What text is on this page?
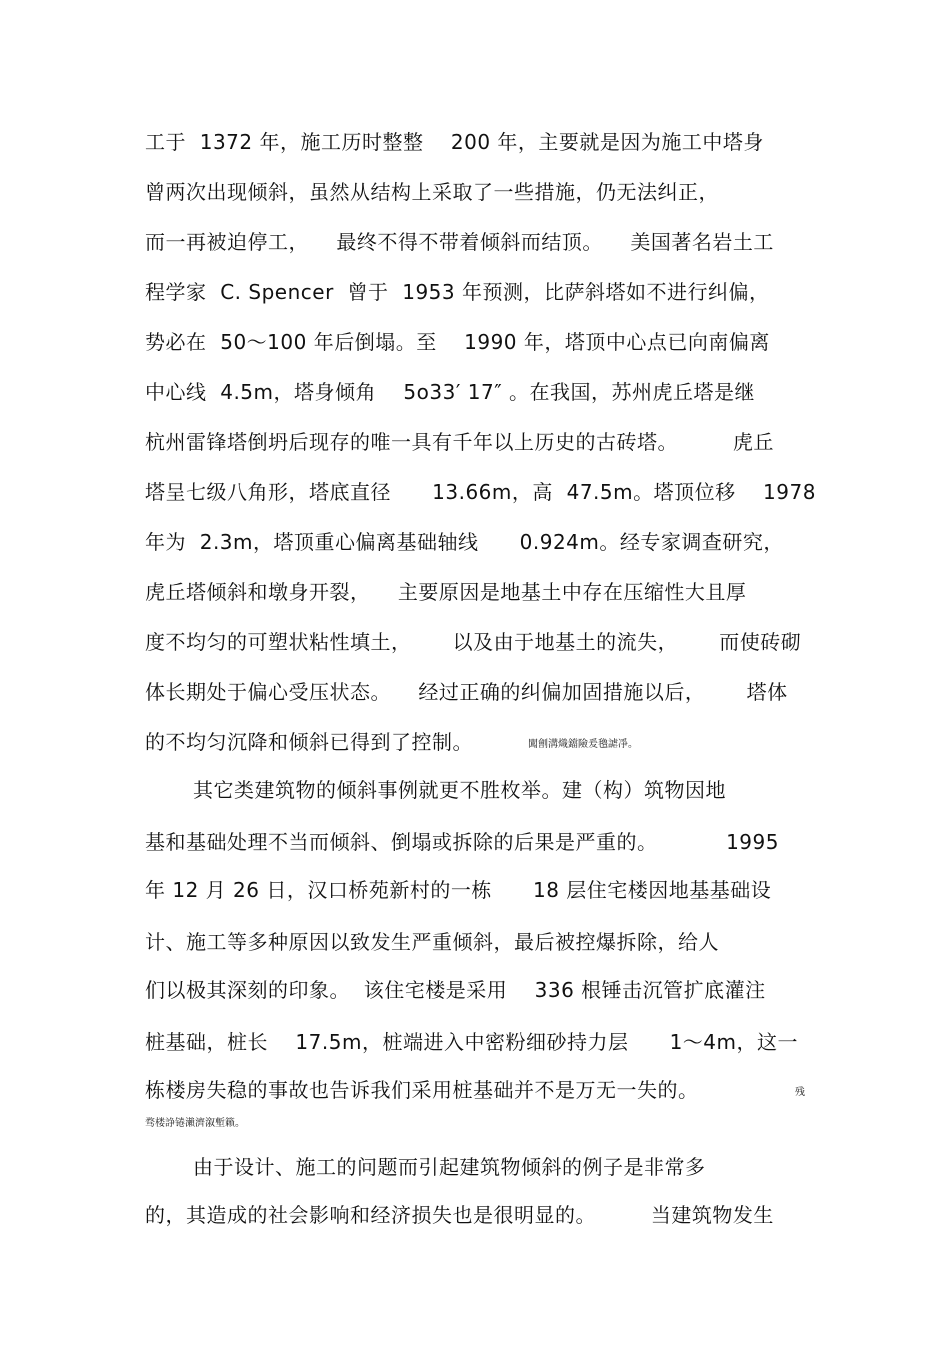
工于  1372 年，施工历时整整    200 年，主要就是因为施工中塔身
曾两次出现倾斜，虽然从结构上采取了一些措施，仍无法纠正，
而一再被迫停工，    最终不得不带着倾斜而结顶。    美国著名岩土工
程学家  C. Spencer  曾于  1953 年预测，比萨斜塔如不进行纠偏，
势必在  50～100 年后倒塌。至    1990 年，塔顶中心点已向南偏离
中心线  4.5m，塔身倾角    5o33′ 17″ 。在我国，苏州虎丘塔是继
杭州雷锋塔倒坍后现存的唯一具有千年以上历史的古砖塔。        虎丘
塔呈七级八角形，塔底直径      13.66m，高  47.5m。塔顶位移    1978
年为  2.3m，塔顶重心偏离基础轴线      0.924m。经专家调查研究，
虎丘塔倾斜和墩身开裂，    主要原因是地基土中存在压缩性大且厚
度不均匀的可塑状粘性填土，      以及由于地基土的流失，      而使砖砌
体长期处于偏心受压状态。    经过正确的纠偏加固措施以后，      塔体
的不均匀沉降和倾斜已得到了控制。	闖劊溝熾鐺險爰氌謔凈。
其它类建筑物的倾斜事例就更不胜枚举。建（构）筑物因地
基和基础处理不当而倾斜、倒塌或拆除的后果是严重的。          1995
年 12 月 26 日，汉口桥苑新村的一栋      18 层住宅楼因地基基础设
计、施工等多种原因以致发生严重倾斜，最后被控爆拆除，给人
们以极其深刻的印象。  该住宅楼是采用    336 根锤击沉管扩底灌注
桩基础，桩长    17.5m，桩端进入中密粉细砂持力层      1～4m，这一
栋楼房失稳的事故也告诉我们采用桩基础并不是万无一失的。	残
骛楼諍锩瀨濟溆塹籟。
由于设计、施工的问题而引起建筑物倾斜的例子是非常多
的，其造成的社会影响和经济损失也是很明显的。        当建筑物发生
